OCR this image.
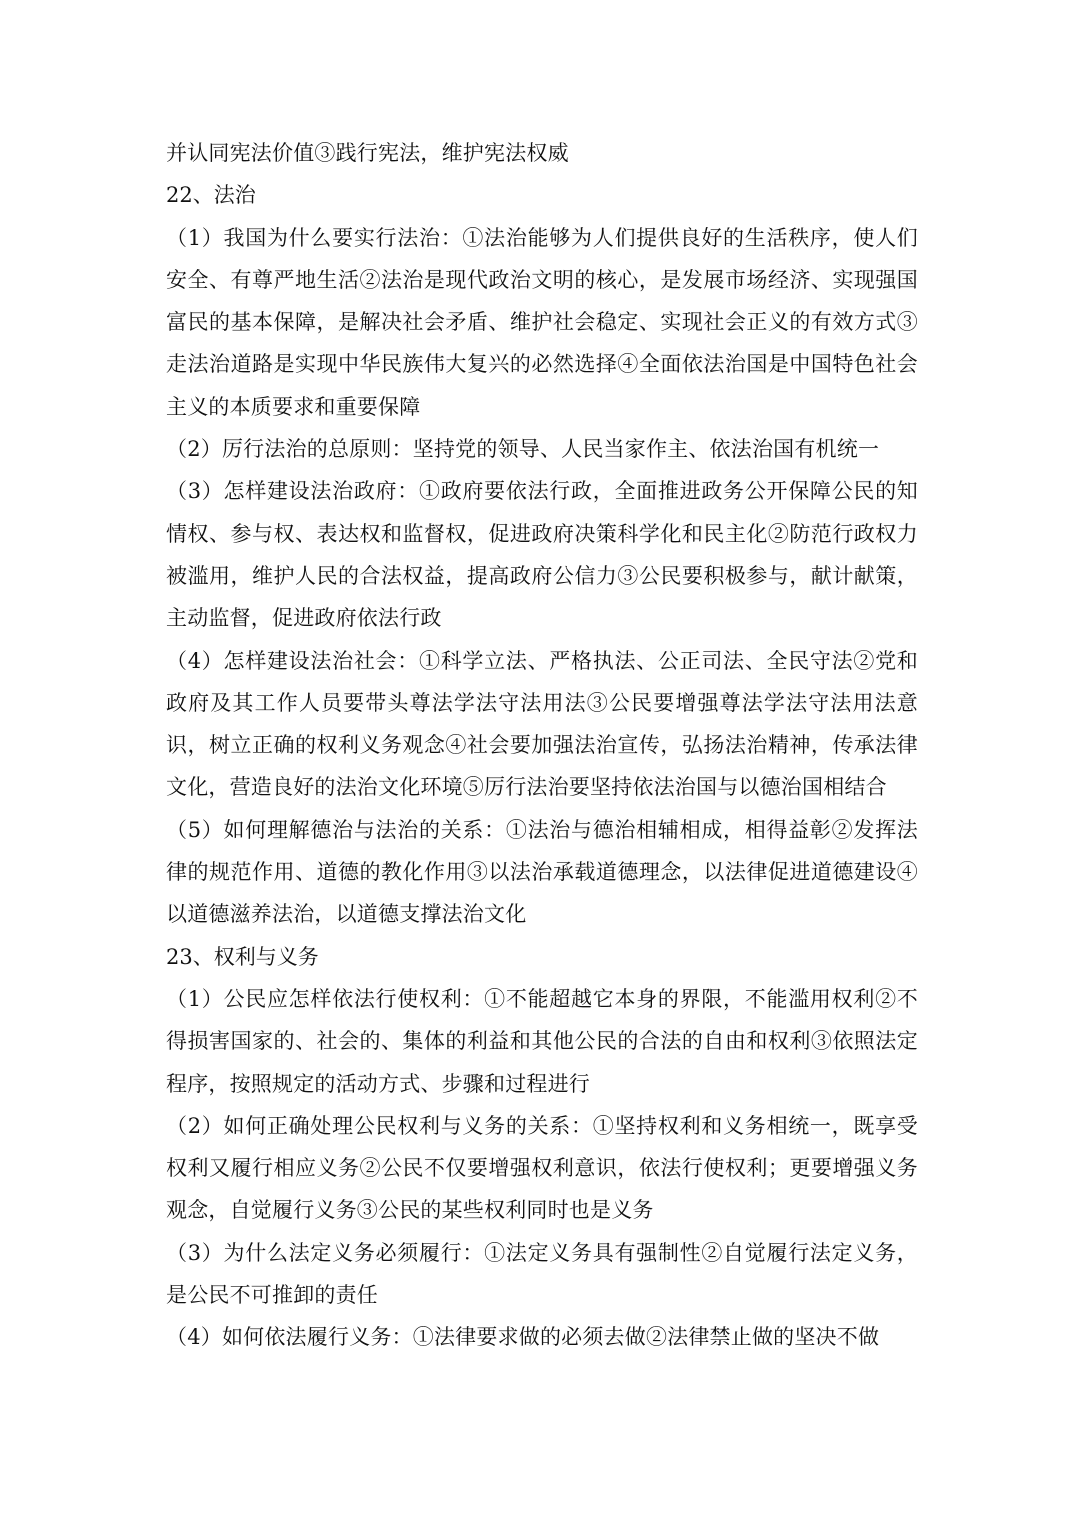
并认同宪法价值③践行宪法，维护宪法权威

22、法治

（1）我国为什么要实行法治：①法治能够为人们提供良好的生活秩序，使人们安全、有尊严地生活②法治是现代政治文明的核心，是发展市场经济、实现强国富民的基本保障，是解决社会矛盾、维护社会稳定、实现社会正义的有效方式③走法治道路是实现中华民族伟大复兴的必然选择④全面依法治国是中国特色社会主义的本质要求和重要保障

（2）厉行法治的总原则：坚持党的领导、人民当家作主、依法治国有机统一

（3）怎样建设法治政府：①政府要依法行政，全面推进政务公开保障公民的知情权、参与权、表达权和监督权，促进政府决策科学化和民主化②防范行政权力被滥用，维护人民的合法权益，提高政府公信力③公民要积极参与，献计献策，主动监督，促进政府依法行政

（4）怎样建设法治社会：①科学立法、严格执法、公正司法、全民守法②党和政府及其工作人员要带头尊法学法守法用法③公民要增强尊法学法守法用法意识，树立正确的权利义务观念④社会要加强法治宣传，弘扬法治精神，传承法律文化，营造良好的法治文化环境⑤厉行法治要坚持依法治国与以德治国相结合

（5）如何理解德治与法治的关系：①法治与德治相辅相成，相得益彰②发挥法律的规范作用、道德的教化作用③以法治承载道德理念，以法律促进道德建设④以道德滋养法治，以道德支撑法治文化

23、权利与义务

（1）公民应怎样依法行使权利：①不能超越它本身的界限，不能滥用权利②不得损害国家的、社会的、集体的利益和其他公民的合法的自由和权利③依照法定程序，按照规定的活动方式、步骤和过程进行

（2）如何正确处理公民权利与义务的关系：①坚持权利和义务相统一，既享受权利又履行相应义务②公民不仅要增强权利意识，依法行使权利；更要增强义务观念，自觉履行义务③公民的某些权利同时也是义务

（3）为什么法定义务必须履行：①法定义务具有强制性②自觉履行法定义务，是公民不可推卸的责任

（4）如何依法履行义务：①法律要求做的必须去做②法律禁止做的坚决不做
